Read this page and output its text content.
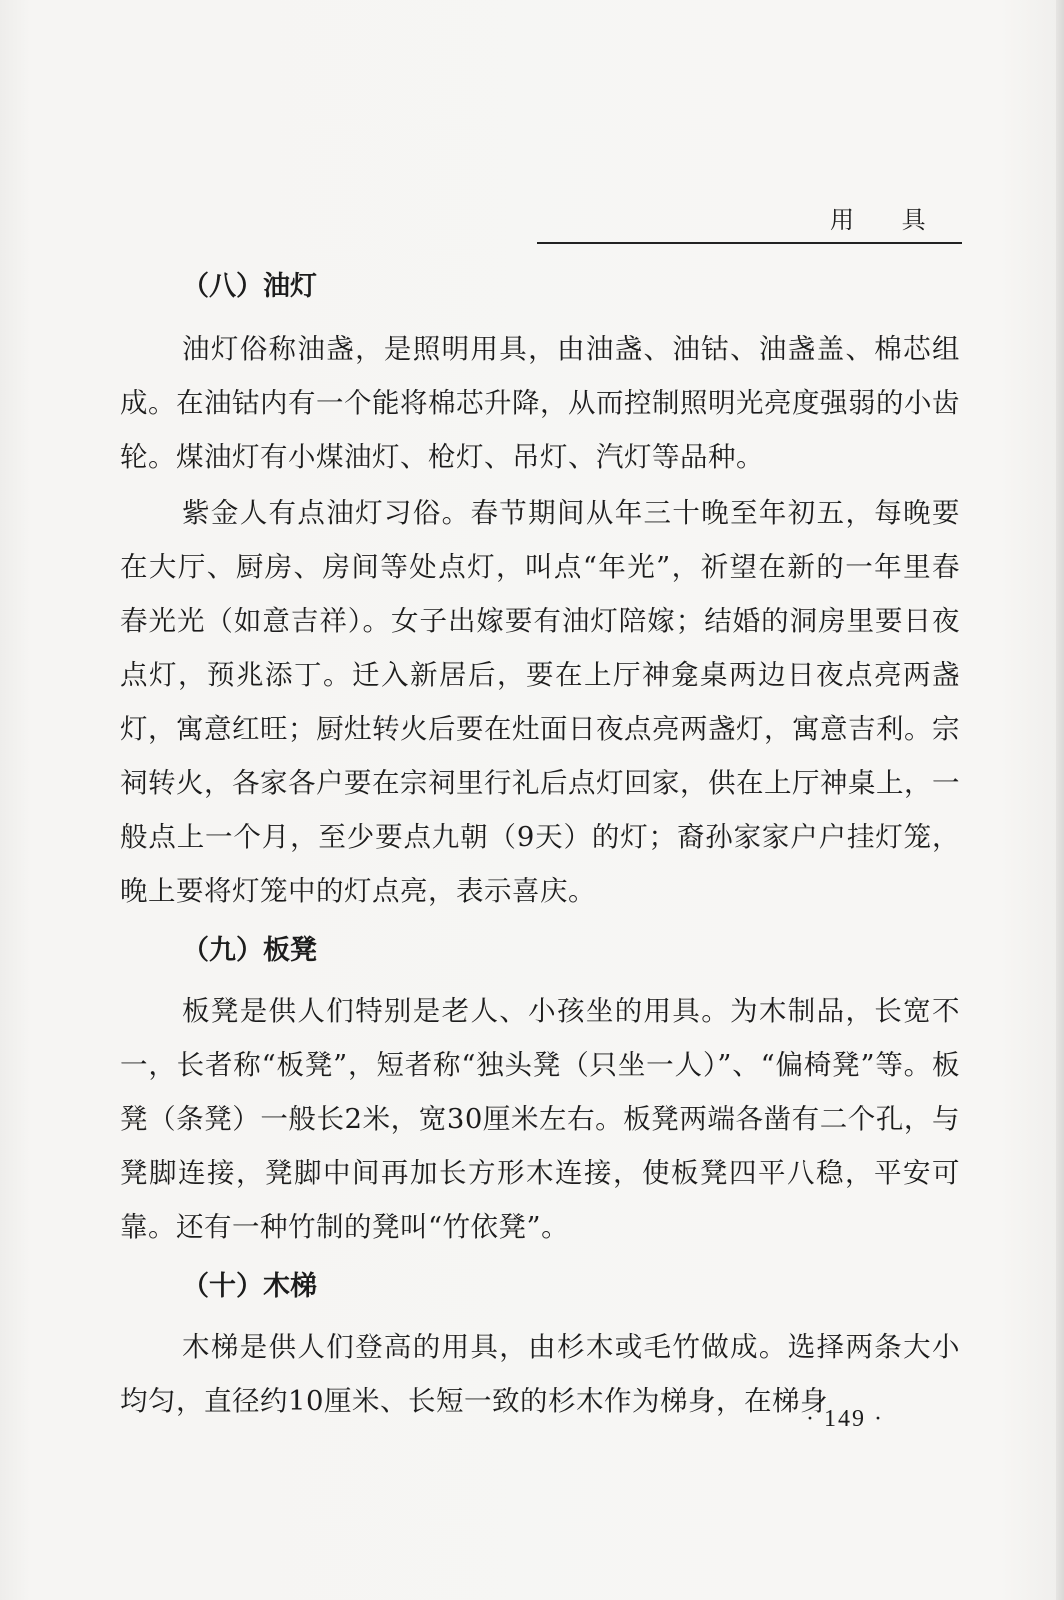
用 具

（八）油灯

油灯俗称油盏，是照明用具，由油盏、油钴、油盏盖、棉芯组成。在油钴内有一个能将棉芯升降，从而控制照明光亮度强弱的小齿轮。煤油灯有小煤油灯、枪灯、吊灯、汽灯等品种。

紫金人有点油灯习俗。春节期间从年三十晚至年初五，每晚要在大厅、厨房、房间等处点灯，叫点“年光”，祈望在新的一年里春春光光（如意吉祥）。女子出嫁要有油灯陪嫁；结婚的洞房里要日夜点灯，预兆添丁。迁入新居后，要在上厅神龛桌两边日夜点亮两盏灯，寓意红旺；厨灶转火后要在灶面日夜点亮两盏灯，寓意吉利。宗祠转火，各家各户要在宗祠里行礼后点灯回家，供在上厅神桌上，一般点上一个月，至少要点九朝（9天）的灯；裔孙家家户户挂灯笼，晚上要将灯笼中的灯点亮，表示喜庆。

（九）板凳

板凳是供人们特别是老人、小孩坐的用具。为木制品，长宽不一，长者称“板凳”，短者称“独头凳（只坐一人）”、“偏椅凳”等。板凳（条凳）一般长2米，宽30厘米左右。板凳两端各凿有二个孔，与凳脚连接，凳脚中间再加长方形木连接，使板凳四平八稳，平安可靠。还有一种竹制的凳叫“竹依凳”。

（十）木梯

木梯是供人们登高的用具，由杉木或毛竹做成。选择两条大小均匀，直径约10厘米、长短一致的杉木作为梯身，在梯身

· 149 ·
